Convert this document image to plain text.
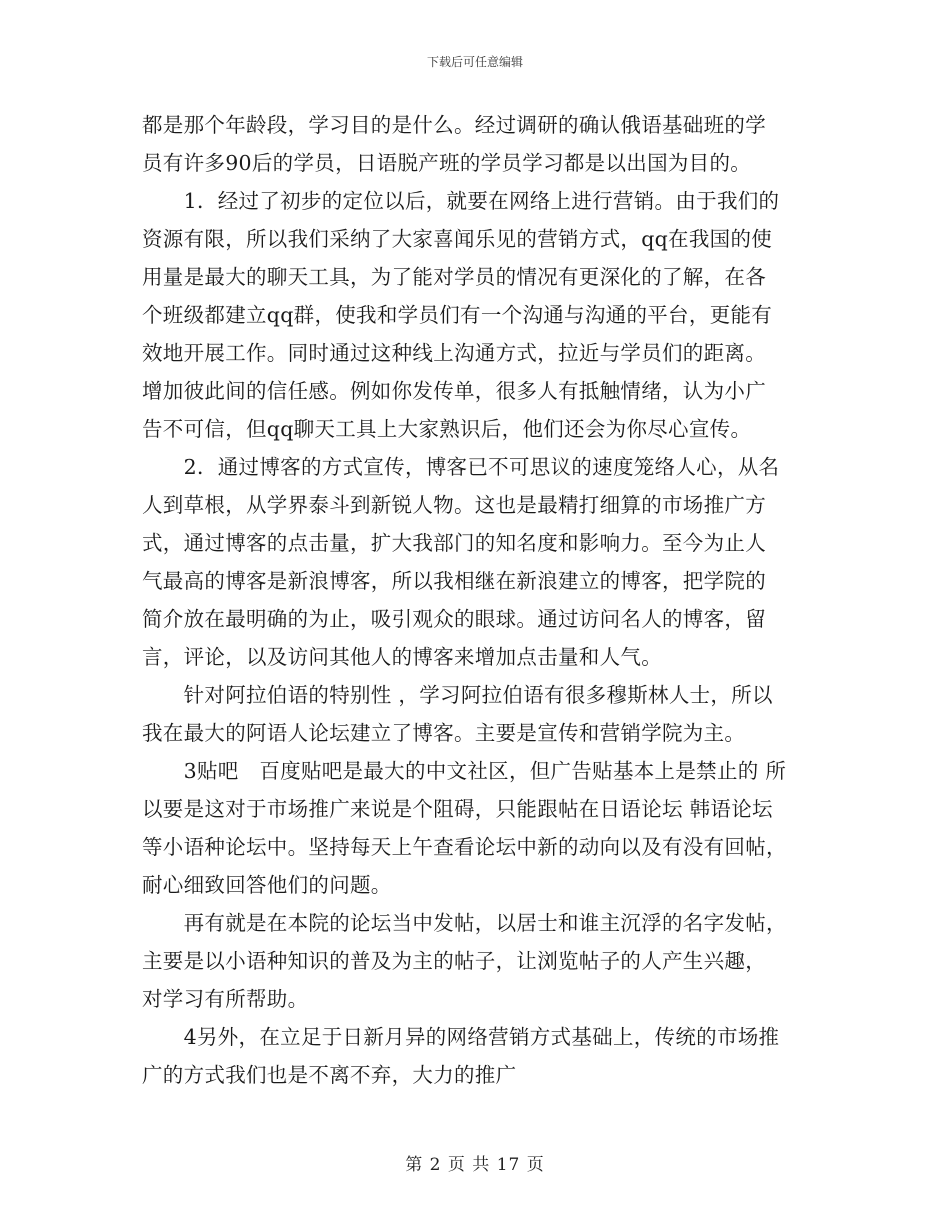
下载后可任意编辑
都是那个年龄段，学习目的是什么。经过调研的确认俄语基础班的学
员有许多90后的学员，日语脱产班的学员学习都是以出国为目的。
　　1．经过了初步的定位以后，就要在网络上进行营销。由于我们的
资源有限，所以我们采纳了大家喜闻乐见的营销方式，qq在我国的使
用量是最大的聊天工具，为了能对学员的情况有更深化的了解，在各
个班级都建立qq群，使我和学员们有一个沟通与沟通的平台，更能有
效地开展工作。同时通过这种线上沟通方式，拉近与学员们的距离。
增加彼此间的信任感。例如你发传单，很多人有抵触情绪，认为小广
告不可信，但qq聊天工具上大家熟识后，他们还会为你尽心宣传。
　　2．通过博客的方式宣传，博客已不可思议的速度笼络人心，从名
人到草根，从学界泰斗到新锐人物。这也是最精打细算的市场推广方
式，通过博客的点击量，扩大我部门的知名度和影响力。至今为止人
气最高的博客是新浪博客，所以我相继在新浪建立的博客，把学院的
简介放在最明确的为止，吸引观众的眼球。通过访问名人的博客，留
言，评论，以及访问其他人的博客来增加点击量和人气。
　　针对阿拉伯语的特别性 ，学习阿拉伯语有很多穆斯林人士，所以
我在最大的阿语人论坛建立了博客。主要是宣传和营销学院为主。
　　3贴吧　百度贴吧是最大的中文社区，但广告贴基本上是禁止的 所
以要是这对于市场推广来说是个阻碍，只能跟帖在日语论坛 韩语论坛
等小语种论坛中。坚持每天上午查看论坛中新的动向以及有没有回帖，
耐心细致回答他们的问题。
　　再有就是在本院的论坛当中发帖，以居士和谁主沉浮的名字发帖，
主要是以小语种知识的普及为主的帖子，让浏览帖子的人产生兴趣，
对学习有所帮助。
　　4另外，在立足于日新月异的网络营销方式基础上，传统的市场推
广的方式我们也是不离不弃，大力的推广
第 2 页 共 17 页
